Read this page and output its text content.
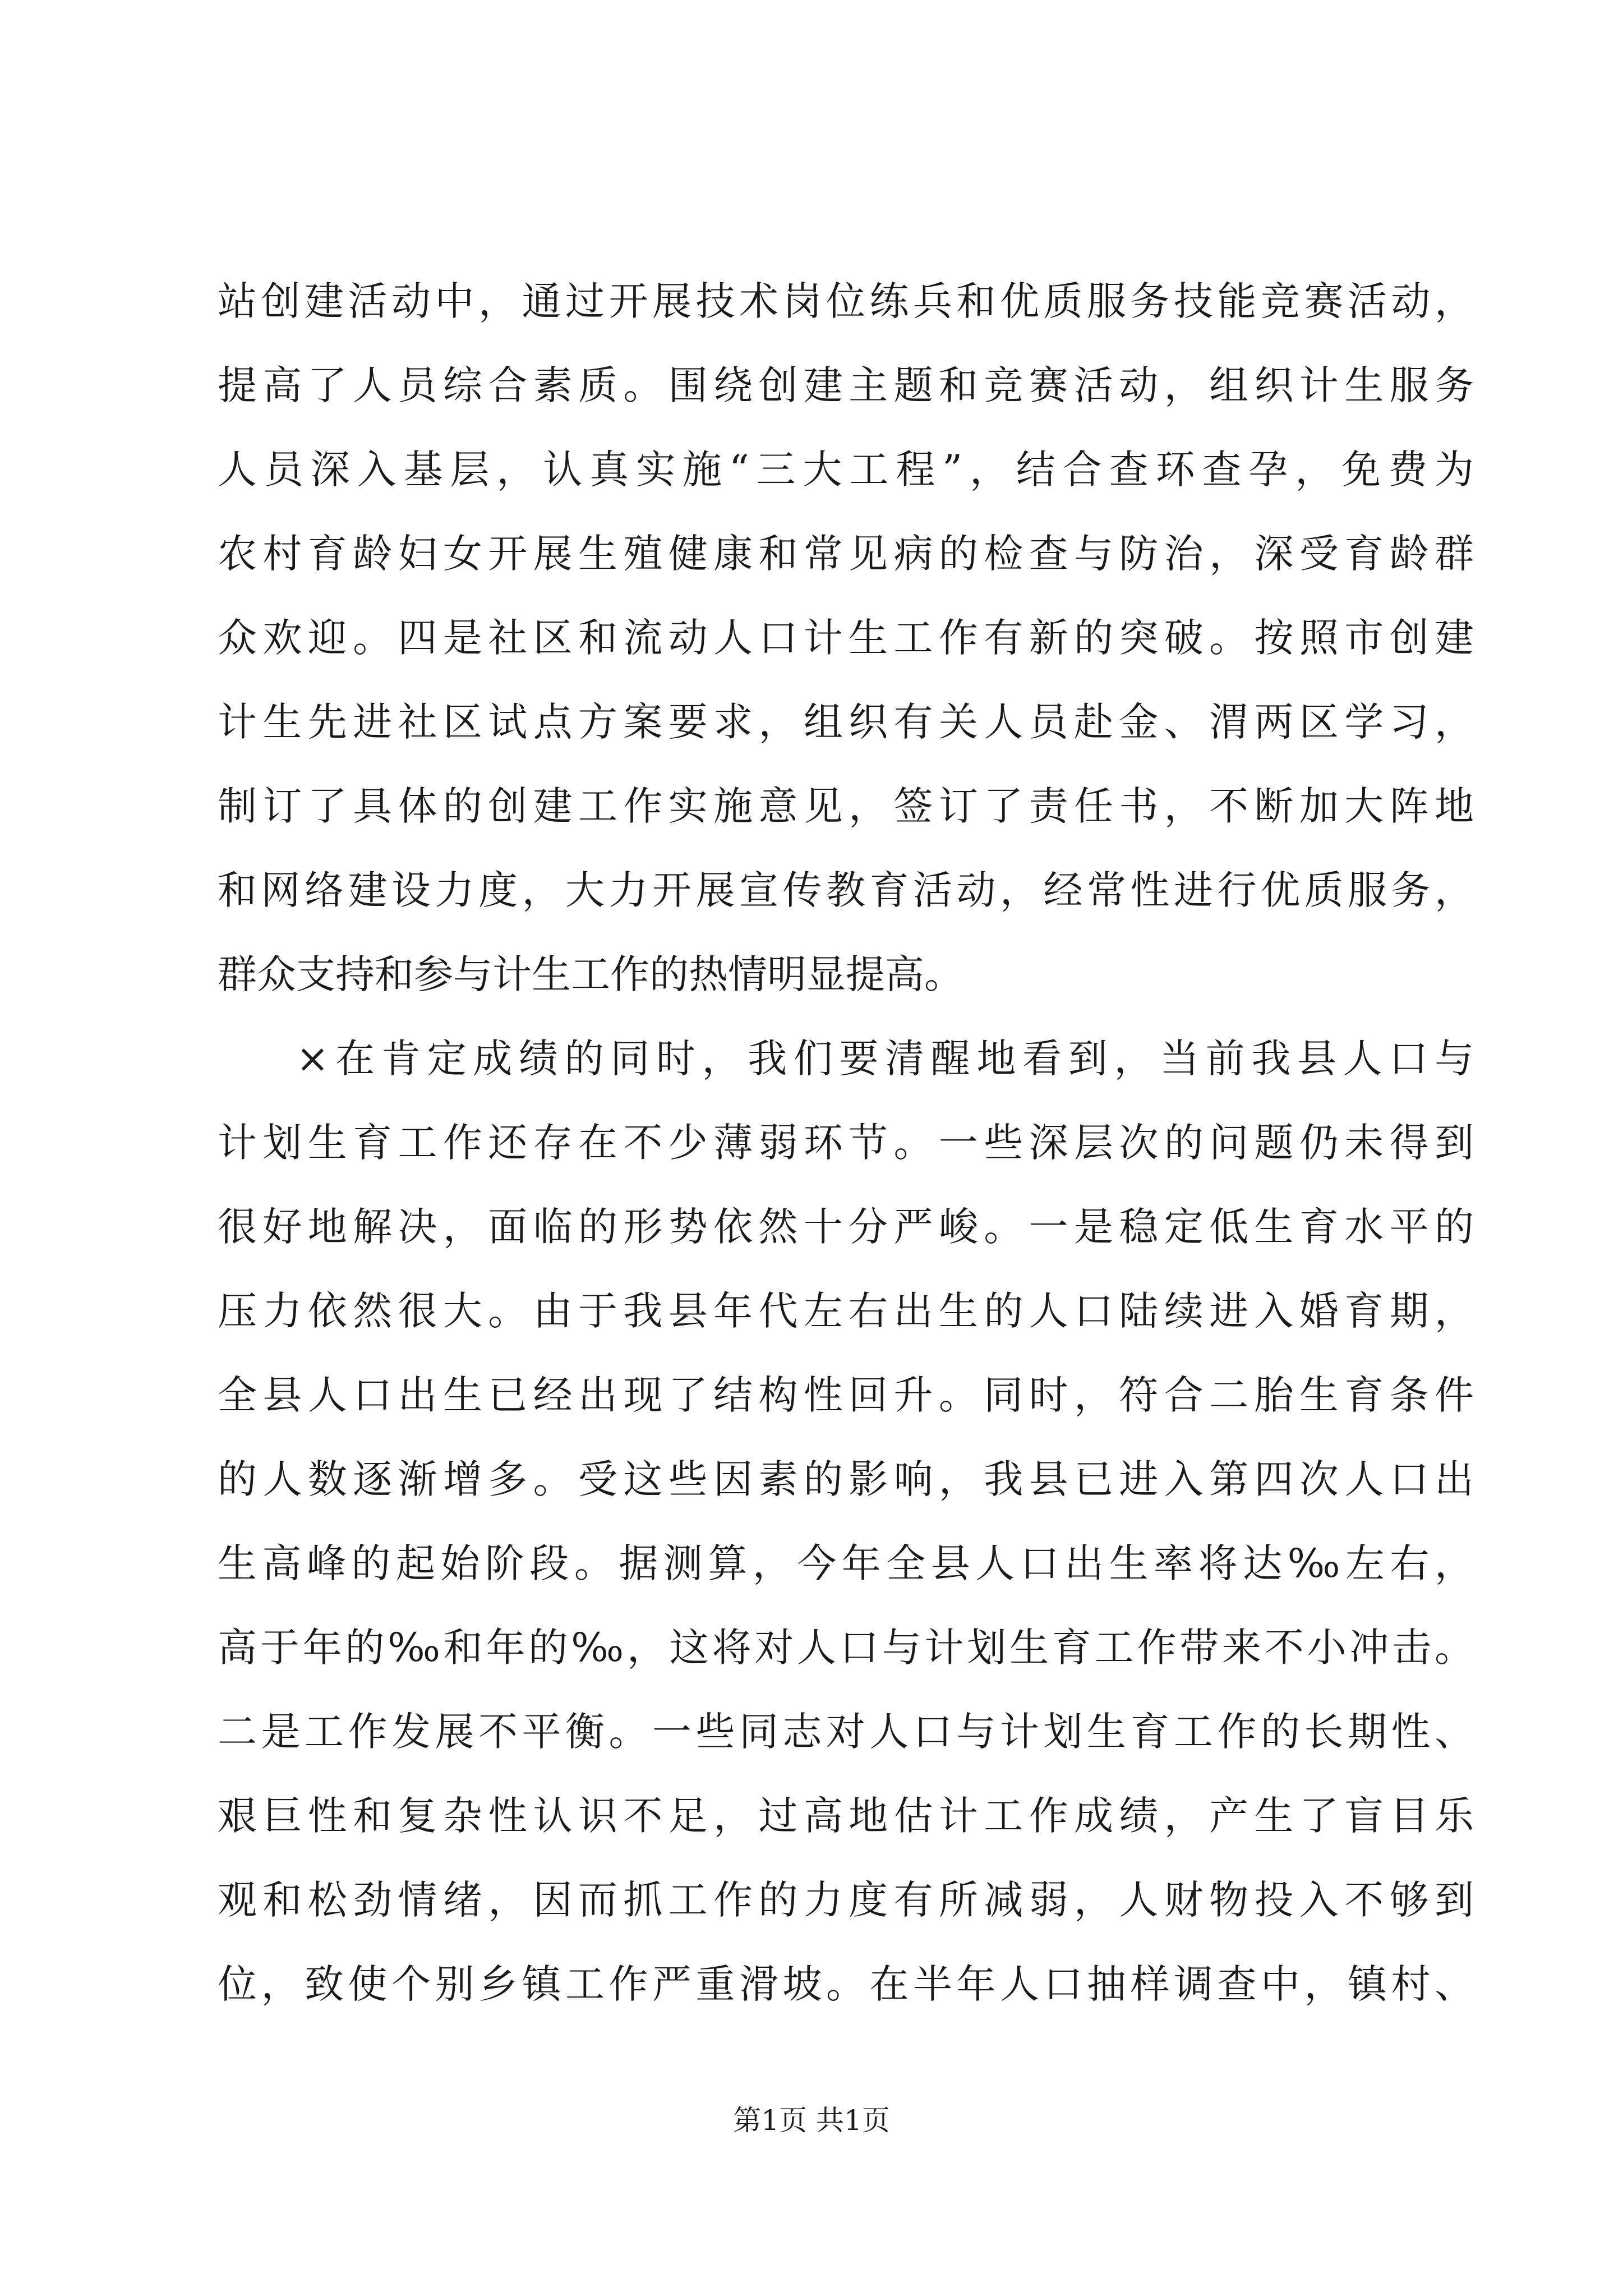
站创建活动中，通过开展技术岗位练兵和优质服务技能竞赛活动，
提高了人员综合素质。围绕创建主题和竞赛活动，组织计生服务
人员深入基层，认真实施“三大工程”，结合查环查孕，免费为
农村育龄妇女开展生殖健康和常见病的检查与防治，深受育龄群
众欢迎。四是社区和流动人口计生工作有新的突破。按照市创建
计生先进社区试点方案要求，组织有关人员赴金、渭两区学习，
制订了具体的创建工作实施意见，签订了责任书，不断加大阵地
和网络建设力度，大力开展宣传教育活动，经常性进行优质服务，
群众支持和参与计生工作的热情明显提高。
×在肯定成绩的同时，我们要清醒地看到，当前我县人口与
计划生育工作还存在不少薄弱环节。一些深层次的问题仍未得到
很好地解决，面临的形势依然十分严峻。一是稳定低生育水平的
压力依然很大。由于我县年代左右出生的人口陆续进入婚育期，
全县人口出生已经出现了结构性回升。同时，符合二胎生育条件
的人数逐渐增多。受这些因素的影响，我县已进入第四次人口出
生高峰的起始阶段。据测算，今年全县人口出生率将达‰左右，
高于年的‰和年的‰，这将对人口与计划生育工作带来不小冲击。
二是工作发展不平衡。一些同志对人口与计划生育工作的长期性、
艰巨性和复杂性认识不足，过高地估计工作成绩，产生了盲目乐
观和松劲情绪，因而抓工作的力度有所减弱，人财物投入不够到
位，致使个别乡镇工作严重滑坡。在半年人口抽样调查中，镇村、
第1页 共1页
